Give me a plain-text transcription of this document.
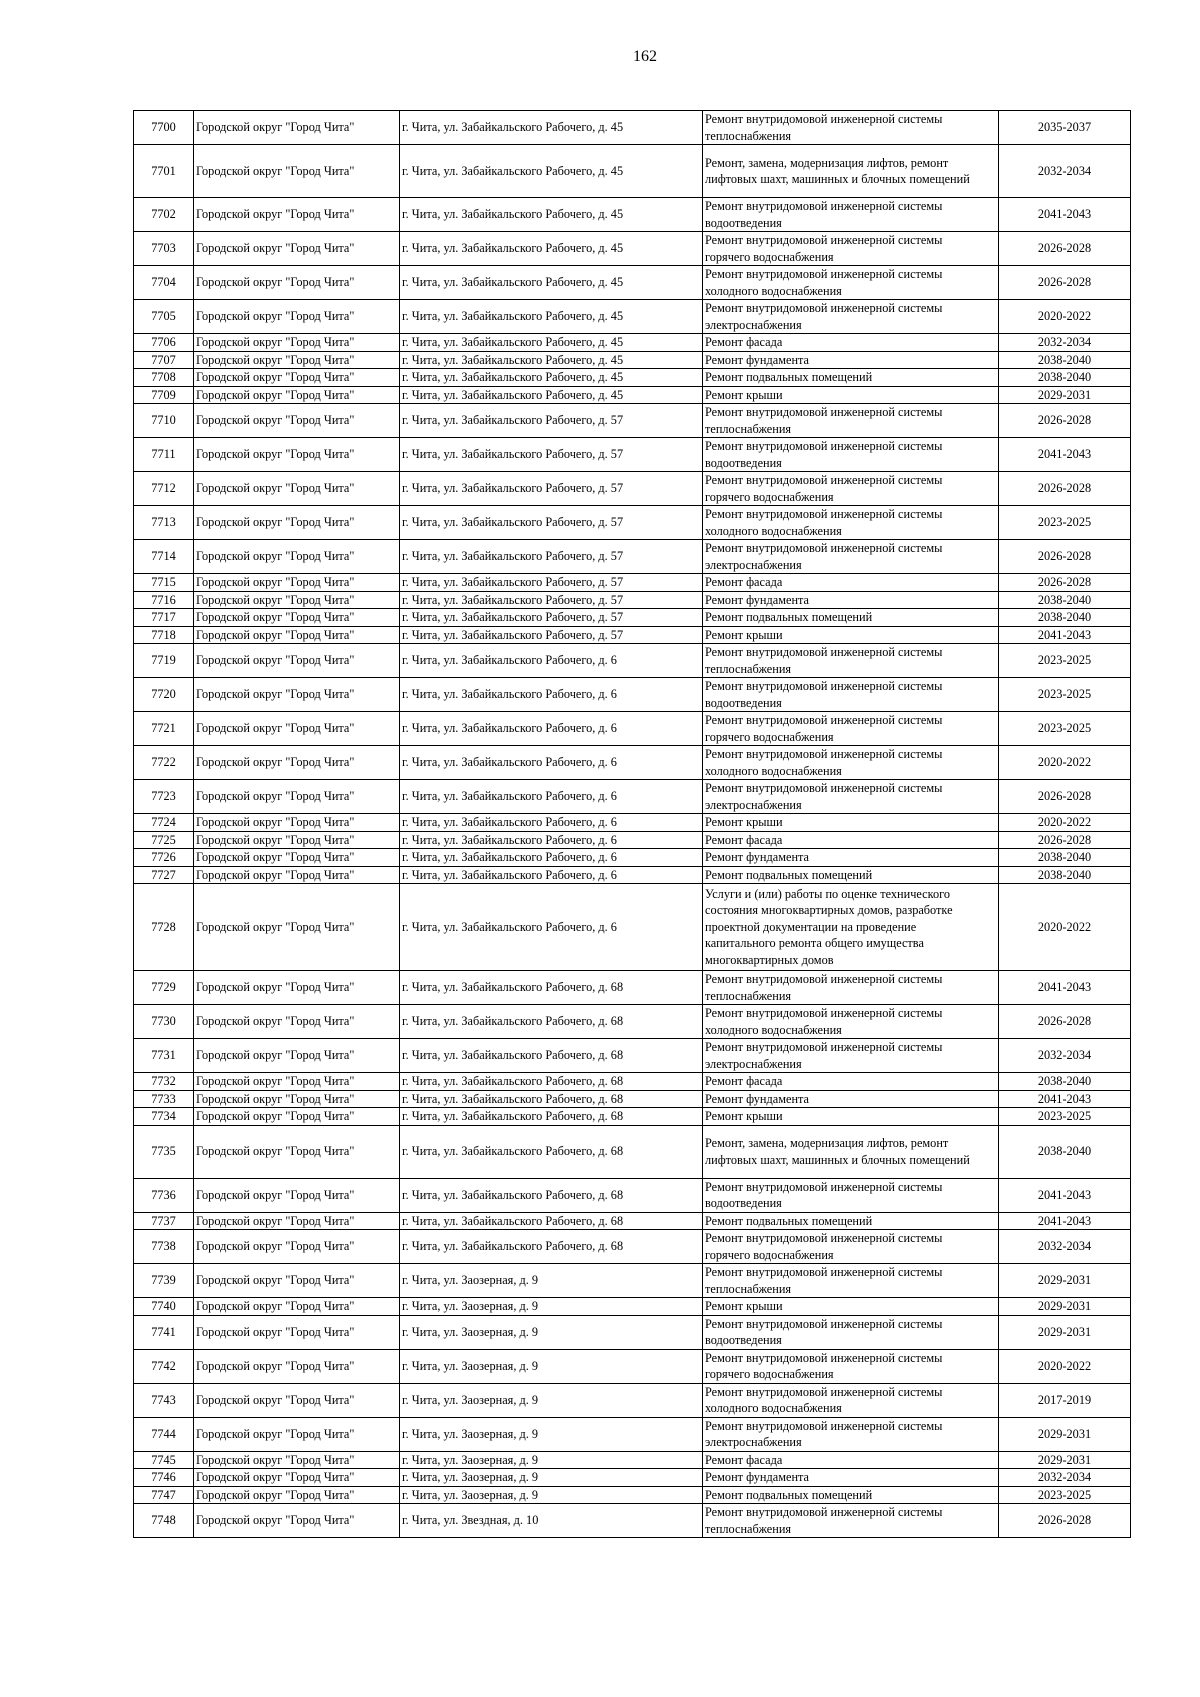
162
7700	Городской округ "Город Чита"	г. Чита, ул. Забайкальского Рабочего, д. 45	Ремонт внутридомовой инженерной системы
теплоснабжения	2035-2037
7701	Городской округ "Город Чита"	г. Чита, ул. Забайкальского Рабочего, д. 45	Ремонт, замена, модернизация лифтов, ремонт
лифтовых шахт, машинных и блочных помещений	2032-2034
7702	Городской округ "Город Чита"	г. Чита, ул. Забайкальского Рабочего, д. 45	Ремонт внутридомовой инженерной системы
водоотведения	2041-2043
7703	Городской округ "Город Чита"	г. Чита, ул. Забайкальского Рабочего, д. 45	Ремонт внутридомовой инженерной системы
горячего водоснабжения	2026-2028
7704	Городской округ "Город Чита"	г. Чита, ул. Забайкальского Рабочего, д. 45	Ремонт внутридомовой инженерной системы
холодного водоснабжения	2026-2028
7705	Городской округ "Город Чита"	г. Чита, ул. Забайкальского Рабочего, д. 45	Ремонт внутридомовой инженерной системы
электроснабжения	2020-2022
7706	Городской округ "Город Чита"	г. Чита, ул. Забайкальского Рабочего, д. 45	Ремонт фасада	2032-2034
7707	Городской округ "Город Чита"	г. Чита, ул. Забайкальского Рабочего, д. 45	Ремонт фундамента	2038-2040
7708	Городской округ "Город Чита"	г. Чита, ул. Забайкальского Рабочего, д. 45	Ремонт подвальных помещений	2038-2040
7709	Городской округ "Город Чита"	г. Чита, ул. Забайкальского Рабочего, д. 45	Ремонт крыши	2029-2031
7710	Городской округ "Город Чита"	г. Чита, ул. Забайкальского Рабочего, д. 57	Ремонт внутридомовой инженерной системы
теплоснабжения	2026-2028
7711	Городской округ "Город Чита"	г. Чита, ул. Забайкальского Рабочего, д. 57	Ремонт внутридомовой инженерной системы
водоотведения	2041-2043
7712	Городской округ "Город Чита"	г. Чита, ул. Забайкальского Рабочего, д. 57	Ремонт внутридомовой инженерной системы
горячего водоснабжения	2026-2028
7713	Городской округ "Город Чита"	г. Чита, ул. Забайкальского Рабочего, д. 57	Ремонт внутридомовой инженерной системы
холодного водоснабжения	2023-2025
7714	Городской округ "Город Чита"	г. Чита, ул. Забайкальского Рабочего, д. 57	Ремонт внутридомовой инженерной системы
электроснабжения	2026-2028
7715	Городской округ "Город Чита"	г. Чита, ул. Забайкальского Рабочего, д. 57	Ремонт фасада	2026-2028
7716	Городской округ "Город Чита"	г. Чита, ул. Забайкальского Рабочего, д. 57	Ремонт фундамента	2038-2040
7717	Городской округ "Город Чита"	г. Чита, ул. Забайкальского Рабочего, д. 57	Ремонт подвальных помещений	2038-2040
7718	Городской округ "Город Чита"	г. Чита, ул. Забайкальского Рабочего, д. 57	Ремонт крыши	2041-2043
7719	Городской округ "Город Чита"	г. Чита, ул. Забайкальского Рабочего, д. 6	Ремонт внутридомовой инженерной системы
теплоснабжения	2023-2025
7720	Городской округ "Город Чита"	г. Чита, ул. Забайкальского Рабочего, д. 6	Ремонт внутридомовой инженерной системы
водоотведения	2023-2025
7721	Городской округ "Город Чита"	г. Чита, ул. Забайкальского Рабочего, д. 6	Ремонт внутридомовой инженерной системы
горячего водоснабжения	2023-2025
7722	Городской округ "Город Чита"	г. Чита, ул. Забайкальского Рабочего, д. 6	Ремонт внутридомовой инженерной системы
холодного водоснабжения	2020-2022
7723	Городской округ "Город Чита"	г. Чита, ул. Забайкальского Рабочего, д. 6	Ремонт внутридомовой инженерной системы
электроснабжения	2026-2028
7724	Городской округ "Город Чита"	г. Чита, ул. Забайкальского Рабочего, д. 6	Ремонт крыши	2020-2022
7725	Городской округ "Город Чита"	г. Чита, ул. Забайкальского Рабочего, д. 6	Ремонт фасада	2026-2028
7726	Городской округ "Город Чита"	г. Чита, ул. Забайкальского Рабочего, д. 6	Ремонт фундамента	2038-2040
7727	Городской округ "Город Чита"	г. Чита, ул. Забайкальского Рабочего, д. 6	Ремонт подвальных помещений	2038-2040
7728	Городской округ "Город Чита"	г. Чита, ул. Забайкальского Рабочего, д. 6	Услуги и (или) работы по оценке технического
состояния многоквартирных домов, разработке
проектной документации на проведение
капитального ремонта общего имущества
многоквартирных домов	2020-2022
7729	Городской округ "Город Чита"	г. Чита, ул. Забайкальского Рабочего, д. 68	Ремонт внутридомовой инженерной системы
теплоснабжения	2041-2043
7730	Городской округ "Город Чита"	г. Чита, ул. Забайкальского Рабочего, д. 68	Ремонт внутридомовой инженерной системы
холодного водоснабжения	2026-2028
7731	Городской округ "Город Чита"	г. Чита, ул. Забайкальского Рабочего, д. 68	Ремонт внутридомовой инженерной системы
электроснабжения	2032-2034
7732	Городской округ "Город Чита"	г. Чита, ул. Забайкальского Рабочего, д. 68	Ремонт фасада	2038-2040
7733	Городской округ "Город Чита"	г. Чита, ул. Забайкальского Рабочего, д. 68	Ремонт фундамента	2041-2043
7734	Городской округ "Город Чита"	г. Чита, ул. Забайкальского Рабочего, д. 68	Ремонт крыши	2023-2025
7735	Городской округ "Город Чита"	г. Чита, ул. Забайкальского Рабочего, д. 68	Ремонт, замена, модернизация лифтов, ремонт
лифтовых шахт, машинных и блочных помещений	2038-2040
7736	Городской округ "Город Чита"	г. Чита, ул. Забайкальского Рабочего, д. 68	Ремонт внутридомовой инженерной системы
водоотведения	2041-2043
7737	Городской округ "Город Чита"	г. Чита, ул. Забайкальского Рабочего, д. 68	Ремонт подвальных помещений	2041-2043
7738	Городской округ "Город Чита"	г. Чита, ул. Забайкальского Рабочего, д. 68	Ремонт внутридомовой инженерной системы
горячего водоснабжения	2032-2034
7739	Городской округ "Город Чита"	г. Чита, ул. Заозерная, д. 9	Ремонт внутридомовой инженерной системы
теплоснабжения	2029-2031
7740	Городской округ "Город Чита"	г. Чита, ул. Заозерная, д. 9	Ремонт крыши	2029-2031
7741	Городской округ "Город Чита"	г. Чита, ул. Заозерная, д. 9	Ремонт внутридомовой инженерной системы
водоотведения	2029-2031
7742	Городской округ "Город Чита"	г. Чита, ул. Заозерная, д. 9	Ремонт внутридомовой инженерной системы
горячего водоснабжения	2020-2022
7743	Городской округ "Город Чита"	г. Чита, ул. Заозерная, д. 9	Ремонт внутридомовой инженерной системы
холодного водоснабжения	2017-2019
7744	Городской округ "Город Чита"	г. Чита, ул. Заозерная, д. 9	Ремонт внутридомовой инженерной системы
электроснабжения	2029-2031
7745	Городской округ "Город Чита"	г. Чита, ул. Заозерная, д. 9	Ремонт фасада	2029-2031
7746	Городской округ "Город Чита"	г. Чита, ул. Заозерная, д. 9	Ремонт фундамента	2032-2034
7747	Городской округ "Город Чита"	г. Чита, ул. Заозерная, д. 9	Ремонт подвальных помещений	2023-2025
7748	Городской округ "Город Чита"	г. Чита, ул. Звездная, д. 10	Ремонт внутридомовой инженерной системы
теплоснабжения	2026-2028
